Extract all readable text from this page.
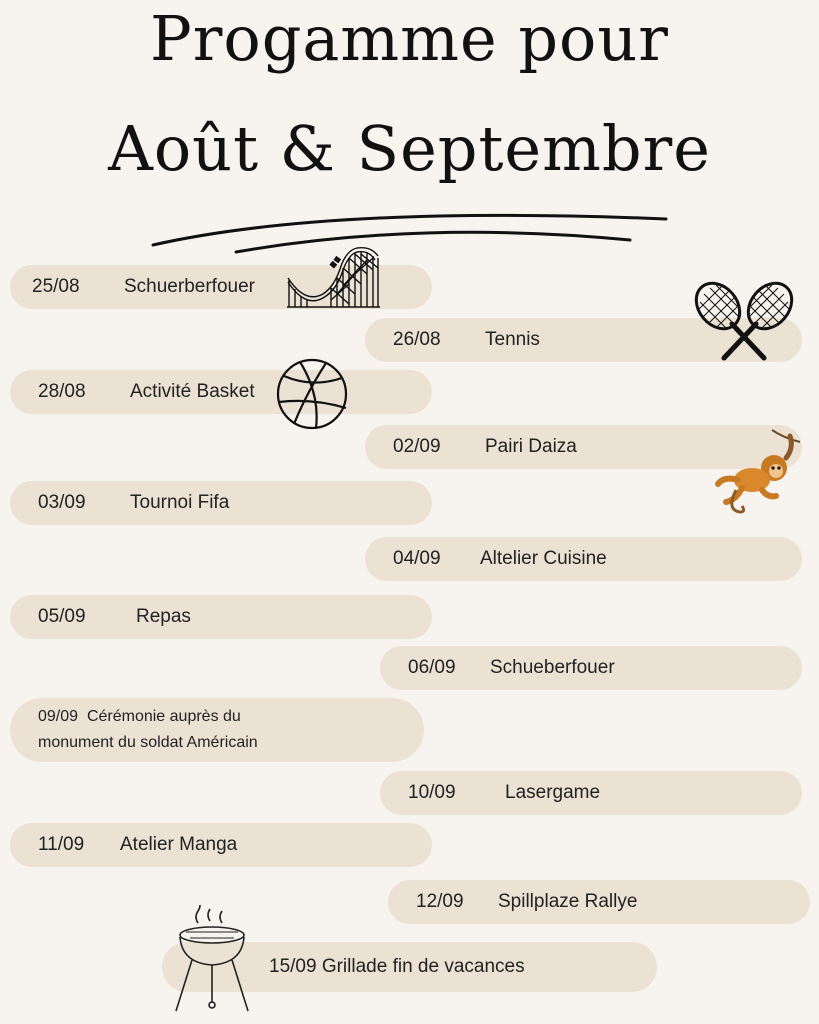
Progamme pour
Août & Septembre
25/08	Schuerberfouer
26/08	Tennis
28/08	Activité Basket
02/09	Pairi Daiza
03/09	Tournoi Fifa
04/09	Altelier Cuisine
05/09	Repas
06/09	Schueberfouer
09/09 Cérémonie auprès du
monument du soldat Américain
10/09	Lasergame
11/09	Atelier Manga
12/09	Spillplaze Rallye
15/09 Grillade fin de vacances
